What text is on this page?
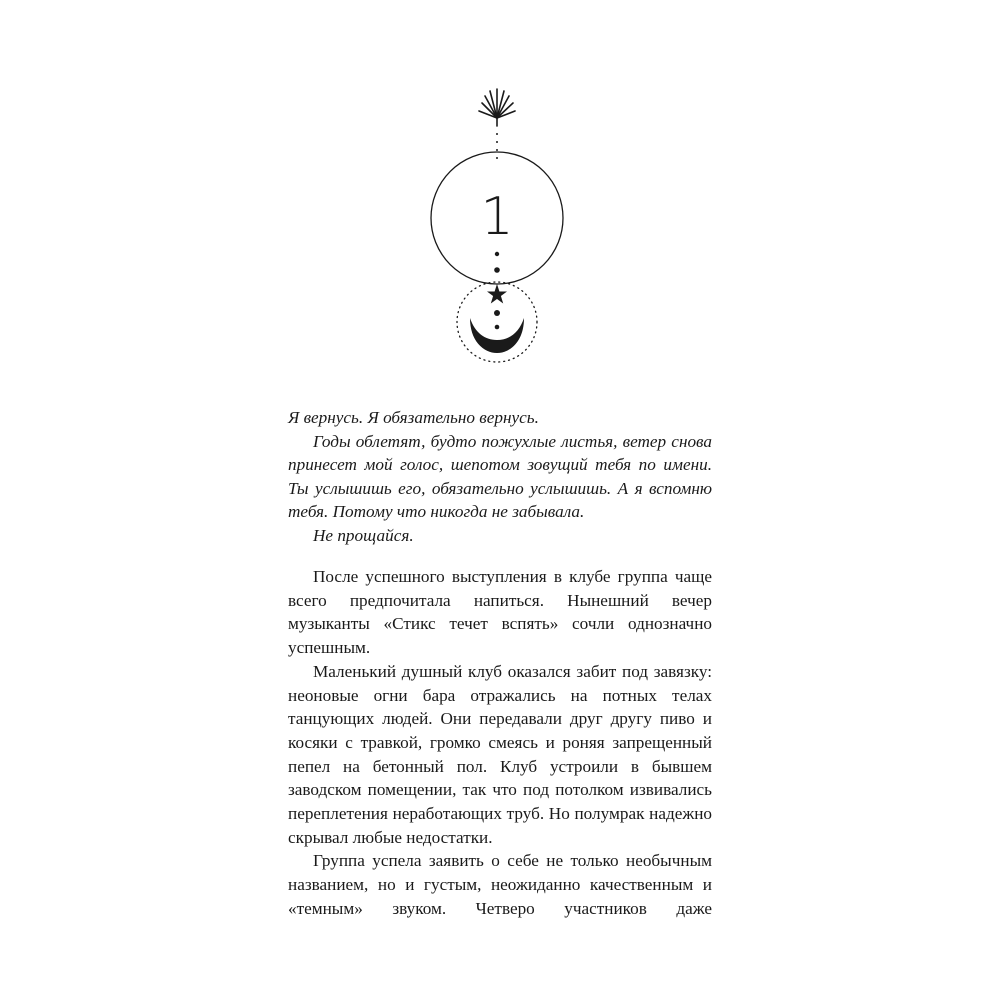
1

Я вернусь. Я обязательно вернусь.

Годы облетят, будто пожухлые листья, ветер снова принесет мой голос, шепотом зовущий тебя по имени. Ты услышишь его, обязательно услышишь. А я вспомню тебя. Потому что никогда не забывала.

Не прощайся.

После успешного выступления в клубе группа чаще всего предпочитала напиться. Нынешний вечер музыканты «Стикс течет вспять» сочли однозначно успешным.

Маленький душный клуб оказался забит под завязку: неоновые огни бара отражались на потных телах танцующих людей. Они передавали друг другу пиво и косяки с травкой, громко смеясь и роняя запрещенный пепел на бетонный пол. Клуб устроили в бывшем заводском помещении, так что под потолком извивались переплетения неработающих труб. Но полумрак надежно скрывал любые недостатки.

Группа успела заявить о себе не только необычным названием, но и густым, неожиданно качественным и «темным» звуком. Четверо участников даже
